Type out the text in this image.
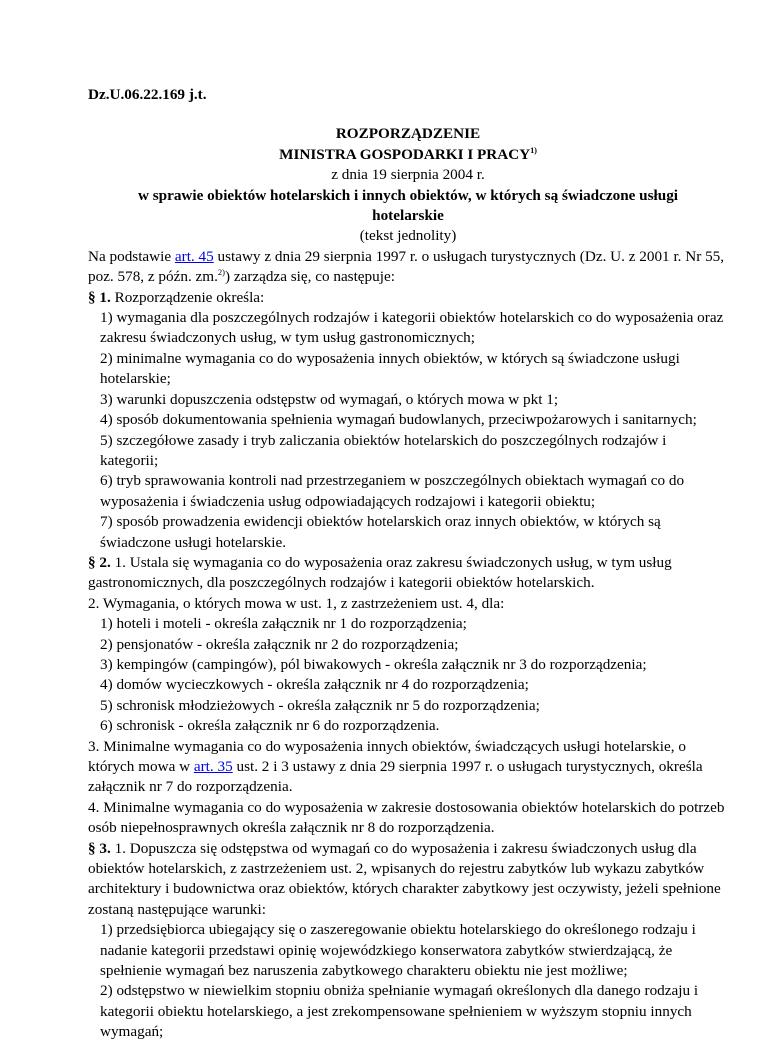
Dz.U.06.22.169 j.t.
ROZPORZĄDZENIE
MINISTRA GOSPODARKI I PRACY$^{1)}$
z dnia 19 sierpnia 2004 r.
w sprawie obiektów hotelarskich i innych obiektów, w których są świadczone usługi
hotelarskie
(tekst jednolity)
Na podstawie art. 45 ustawy z dnia 29 sierpnia 1997 r. o usługach turystycznych (Dz. U. z 2001 r. Nr 55, poz. 578, z późn. zm.$^{2)}$) zarządza się, co następuje:
§ 1. Rozporządzenie określa:
1) wymagania dla poszczególnych rodzajów i kategorii obiektów hotelarskich co do wyposażenia oraz zakresu świadczonych usług, w tym usług gastronomicznych;
2) minimalne wymagania co do wyposażenia innych obiektów, w których są świadczone usługi hotelarskie;
3) warunki dopuszczenia odstępstw od wymagań, o których mowa w pkt 1;
4) sposób dokumentowania spełnienia wymagań budowlanych, przeciwpożarowych i sanitarnych;
5) szczegółowe zasady i tryb zaliczania obiektów hotelarskich do poszczególnych rodzajów i kategorii;
6) tryb sprawowania kontroli nad przestrzeganiem w poszczególnych obiektach wymagań co do wyposażenia i świadczenia usług odpowiadających rodzajowi i kategorii obiektu;
7) sposób prowadzenia ewidencji obiektów hotelarskich oraz innych obiektów, w których są świadczone usługi hotelarskie.
§ 2. 1. Ustala się wymagania co do wyposażenia oraz zakresu świadczonych usług, w tym usług gastronomicznych, dla poszczególnych rodzajów i kategorii obiektów hotelarskich.
2. Wymagania, o których mowa w ust. 1, z zastrzeżeniem ust. 4, dla:
1) hoteli i moteli - określa załącznik nr 1 do rozporządzenia;
2) pensjonatów - określa załącznik nr 2 do rozporządzenia;
3) kempingów (campingów), pól biwakowych - określa załącznik nr 3 do rozporządzenia;
4) domów wycieczkowych - określa załącznik nr 4 do rozporządzenia;
5) schronisk młodzieżowych - określa załącznik nr 5 do rozporządzenia;
6) schronisk - określa załącznik nr 6 do rozporządzenia.
3. Minimalne wymagania co do wyposażenia innych obiektów, świadczących usługi hotelarskie, o których mowa w art. 35 ust. 2 i 3 ustawy z dnia 29 sierpnia 1997 r. o usługach turystycznych, określa załącznik nr 7 do rozporządzenia.
4. Minimalne wymagania co do wyposażenia w zakresie dostosowania obiektów hotelarskich do potrzeb osób niepełnosprawnych określa załącznik nr 8 do rozporządzenia.
§ 3. 1. Dopuszcza się odstępstwa od wymagań co do wyposażenia i zakresu świadczonych usług dla obiektów hotelarskich, z zastrzeżeniem ust. 2, wpisanych do rejestru zabytków lub wykazu zabytków architektury i budownictwa oraz obiektów, których charakter zabytkowy jest oczywisty, jeżeli spełnione zostaną następujące warunki:
1) przedsiębiorca ubiegający się o zaszeregowanie obiektu hotelarskiego do określonego rodzaju i nadanie kategorii przedstawi opinię wojewódzkiego konserwatora zabytków stwierdzającą, że spełnienie wymagań bez naruszenia zabytkowego charakteru obiektu nie jest możliwe;
2) odstępstwo w niewielkim stopniu obniża spełnianie wymagań określonych dla danego rodzaju i kategorii obiektu hotelarskiego, a jest zrekompensowane spełnieniem w wyższym stopniu innych wymagań;
